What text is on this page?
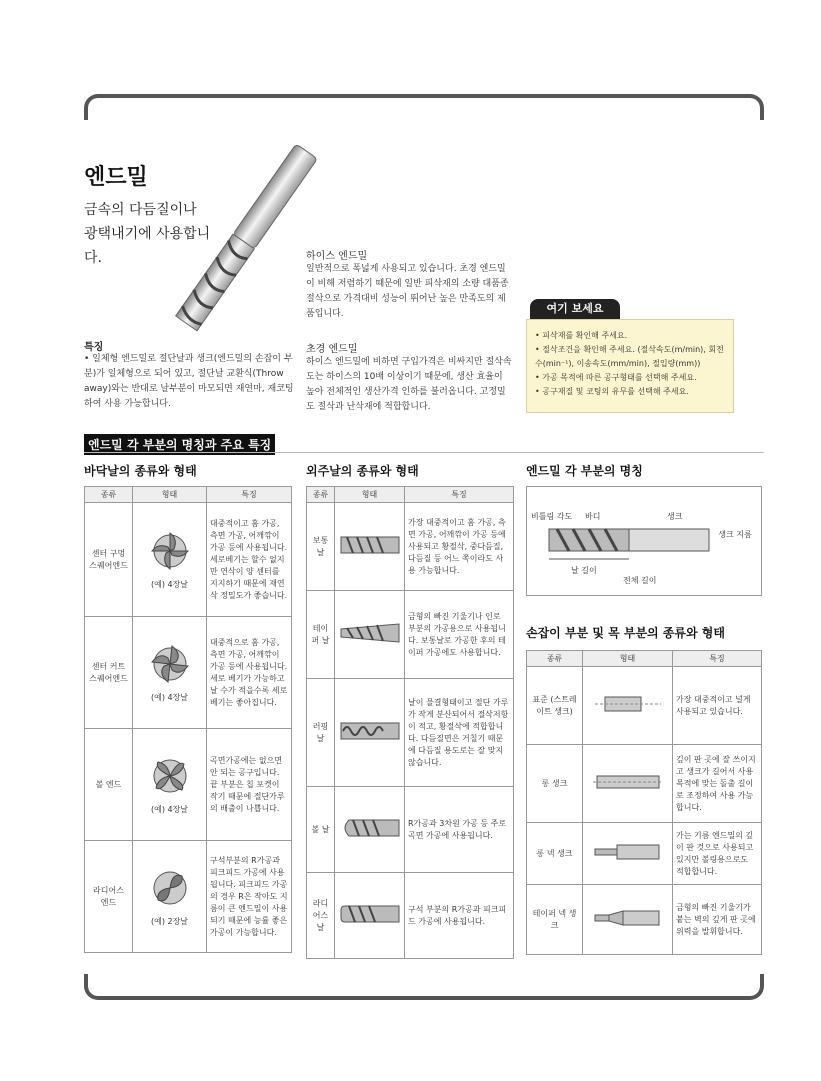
엔드밀
금속의 다듬질이나 광택내기에 사용합니다.
특징
• 일체형 엔드밀로 절단날과 생크(엔드밀의 손잡이 부분)가 일체형으로 되어 있고, 절단날 교환식(Throw away)와는 반대로 날부분이 마모되면 재연마, 재코팅하여 사용 가능합니다.
하이스 엔드밀
일반적으로 폭넓게 사용되고 있습니다. 초경 엔드밀이 비해 저렴하기 때문에 일반 피삭재의 소량 대품종 절삭으로 가격대비 성능이 뛰어난 높은 만족도의 제품입니다.
초경 엔드밀
하이스 엔드밀에 비하면 구입가격은 비싸지만 절삭속도는 하이스의 10배 이상이기 때문에, 생산 효율이 높아 전체적인 생산가격 인하를 불러옵니다. 고정밀도 절삭과 난삭재에 적합합니다.
여기 보세요
• 피삭재를 확인해 주세요.
• 절삭조건을 확인해 주세요. (절삭속도(m/min), 회전수(min⁻¹), 이송속도(mm/min), 절입량(mm))
• 가공 목적에 따른 공구형태를 선택해 주세요.
• 공구재질 및 코팅의 유무를 선택해 주세요.
엔드밀 각 부분의 명칭과 주요 특징
바닥날의 종류와 형태
종류	형태	특징
센터 구멍 스퀘어엔드	(예) 4장날	대중적이고 홈 가공, 측면 가공, 어깨깎이 가공 등에 사용됩니다. 세로베기는 할수 없지만 연삭이 양 센터를 지지하기 때문에 재연삭 정밀도가 좋습니다.
센터 커트 스퀘어엔드	(예) 4장날	대중적으로 홈 가공, 측면 가공, 어깨깎이 가공 등에 사용됩니다. 세로 베기가 가능하고 날 수가 적을수록 세로 베기는 좋아집니다.
볼 엔드	(예) 4장날	곡면가공에는 없으면 안 되는 공구입니다. 끝 부분은 칩 포켓이 작기 때문에 절단가루의 배출이 나쁩니다.
라디어스 엔드	(예) 2장날	구석부분의 R가공과 피크피드 가공에 사용됩니다. 피크피드 가공의 경우 R은 작아도 지름이 큰 엔드밀이 사용되기 때문에 능률 좋은 가공이 가능합니다.
외주날의 종류와 형태
종류	형태	특징
보통 날		가장 대중적이고 홈 가공, 측면 가공, 어깨깎이 가공 등에 사용되고 황절삭, 중다듬질, 다듬질 등 어느 쪽이라도 사용 가능합니다.
테이퍼 날		금형의 빠진 기울기나 인로 부분의 가공용으로 사용됩니다. 보통날로 가공한 후의 테이퍼 가공에도 사용합니다.
러핑 날		날이 물결형태이고 절단 가루가 작게 분산되어서 절삭저항이 적고, 황절삭에 적합합니다. 다듬질면은 거칠기 때문에 다듬질 용도로는 잘 맞지 않습니다.
볼 날		R가공과 3차원 가공 등 주로 곡면 가공에 사용됩니다.
라디어스 날		구석 부분의 R가공과 피크피드 가공에 사용됩니다.
엔드밀 각 부분의 명칭
비틀림 각도 바디	생크
생크 지름
날 길이
전체 길이
손잡이 부분 및 목 부분의 종류와 형태
종류	형태	특징
표준 (스트레이트 생크)		가장 대중적이고 널게 사용되고 있습니다.
롱 생크		깊이 판 곳에 잘 쓰이지고 생크가 길어서 사용 목적에 맞는 돌출 길이로 조정하여 사용 가능합니다.
롱 넥 생크		가는 기름 엔드밀의 깊이 판 것으로 사용되고 있지만 볼링용으로도 적합합니다.
테이퍼 넥 생크		금형의 빠진 기울기가 붙는 벽의 깊게 판 곳에 위력을 발휘합니다.
